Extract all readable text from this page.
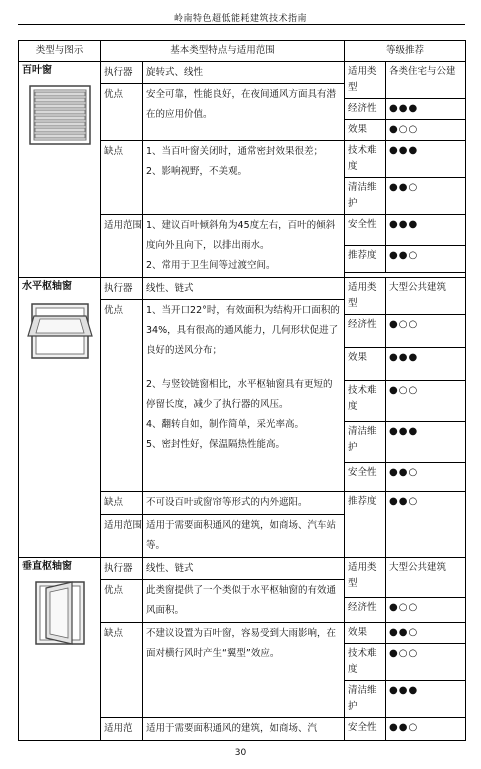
岭南特色超低能耗建筑技术指南
类型与图示	基本类型特点与适用范围		等级推荐	

百叶窗	执行器	旋转式、线性	适用类型	各类住宅与公建
	优点	安全可靠，性能良好，在夜间通风方面具有潜在的应用价值。		
			经济性	●●●
			效果	●○○
	缺点	1、当百叶窗关闭时，通常密封效果很差；

2、影响视野，不美观。	技术难度	●●●
			清洁维护	●●○

	适用范围	1、建议百叶倾斜角为45度左右，百叶的倾斜度向外且向下，以排出雨水。

2、常用于卫生间等过渡空间。	安全性	●●●
			推荐度	●●○

水平枢轴窗	执行器	线性、链式	适用类型	大型公共建筑
	优点	1、当开口22°时，有效面积为结构开口面积的34%，具有很高的通风能力，几何形状促进了良好的送风分布；

2、与竖铰链窗相比，水平枢轴窗具有更短的停留长度，减少了执行器的风压。

4、翻转自如，制作简单，采光率高。

5、密封性好，保温隔热性能高。		

			经济性	●○○
			效果	●●●
			技术难度	●○○
			清洁维护	●●●
			安全性	●●○
	缺点	不可设百叶或窗帘等形式的内外遮阳。	推荐度	●●○
	适用范围	适用于需要面积通风的建筑，如商场、汽车站等。		

垂直枢轴窗	执行器	线性、链式	适用类型	大型公共建筑
	优点	此类窗提供了一个类似于水平枢轴窗的有效通风面积。		
			经济性	●○○
	缺点	不建议设置为百叶窗，容易受到大雨影响，在面对横行风时产生“翼型”效应。	效果	●●○
			技术难度	●○○

			清洁维护	●●●
	适用范	适用于需要面积通风的建筑，如商场、汽	安全性	●●○
30
